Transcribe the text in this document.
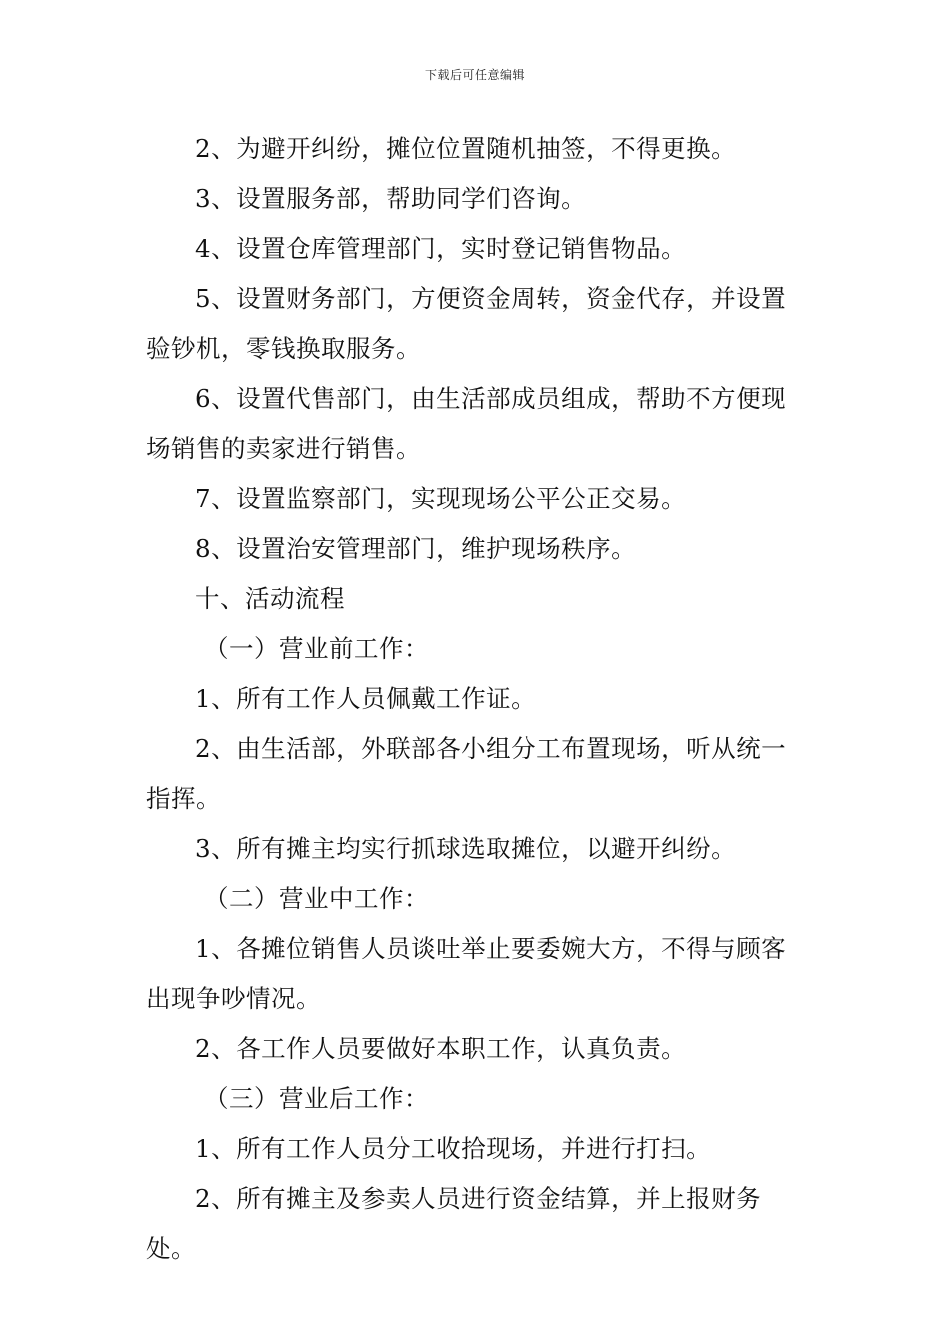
下载后可任意编辑

2、为避开纠纷，摊位位置随机抽签，不得更换。

3、设置服务部，帮助同学们咨询。

4、设置仓库管理部门，实时登记销售物品。

5、设置财务部门，方便资金周转，资金代存，并设置验钞机，零钱换取服务。

6、设置代售部门，由生活部成员组成，帮助不方便现场销售的卖家进行销售。

7、设置监察部门，实现现场公平公正交易。

8、设置治安管理部门，维护现场秩序。

十、活动流程

（一）营业前工作：

1、所有工作人员佩戴工作证。

2、由生活部，外联部各小组分工布置现场，听从统一指挥。

3、所有摊主均实行抓球选取摊位，以避开纠纷。

（二）营业中工作：

1、各摊位销售人员谈吐举止要委婉大方，不得与顾客出现争吵情况。

2、各工作人员要做好本职工作，认真负责。

（三）营业后工作：

1、所有工作人员分工收拾现场，并进行打扫。

2、所有摊主及参卖人员进行资金结算，并上报财务处。
